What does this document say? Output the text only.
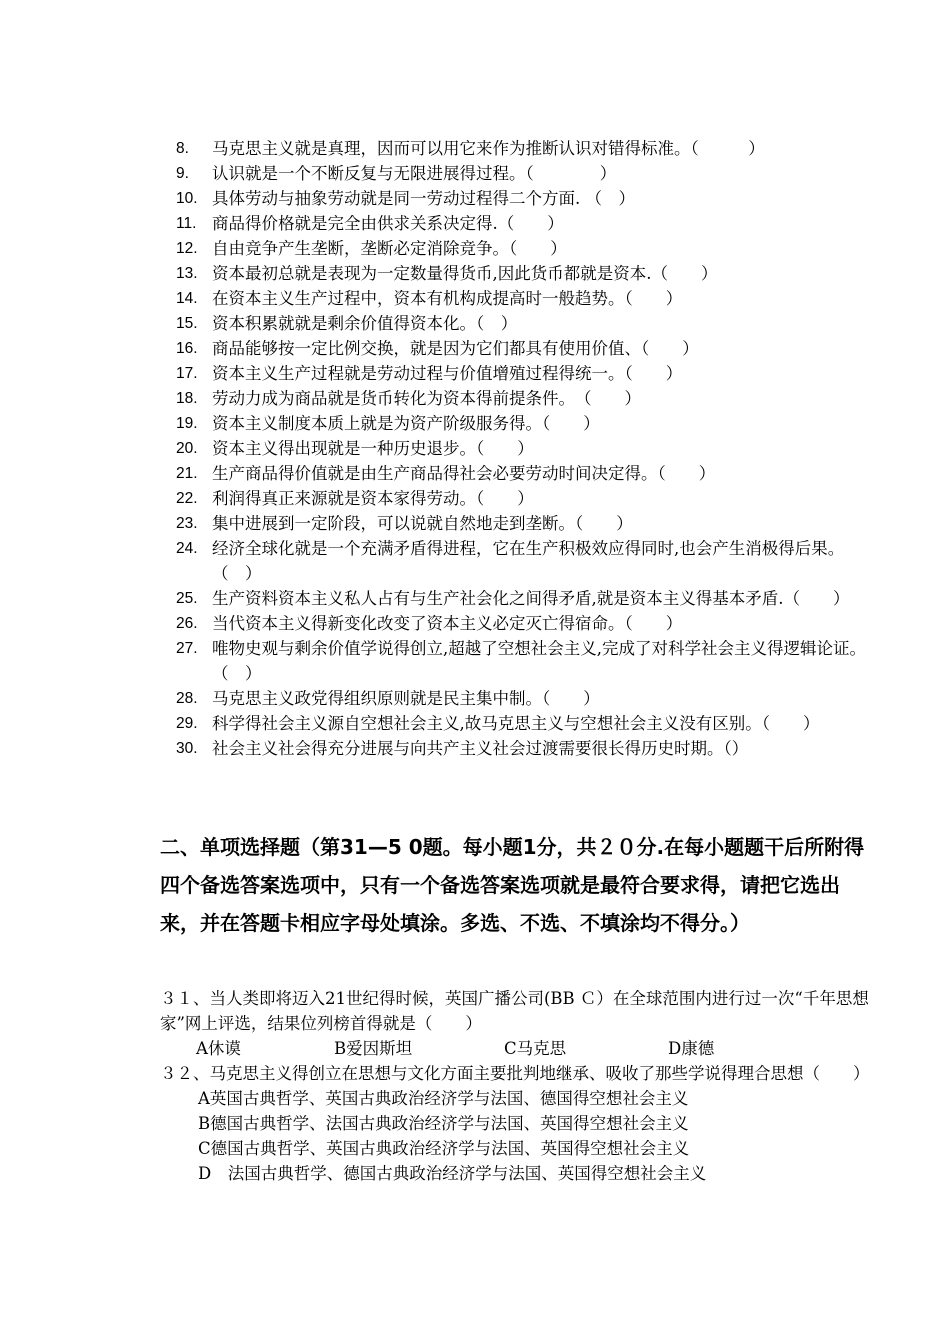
8.	马克思主义就是真理，因而可以用它来作为推断认识对错得标准。（　　　）
9.	认识就是一个不断反复与无限进展得过程。（　　　　）
10. 具体劳动与抽象劳动就是同一劳动过程得二个方面. （　）
11. 商品得价格就是完全由供求关系决定得.（　　）
12. 自由竞争产生垄断，垄断必定消除竞争。（　　）
13. 资本最初总就是表现为一定数量得货币,因此货币都就是资本.（　　）
14. 在资本主义生产过程中，资本有机构成提高时一般趋势。（　　）
15. 资本积累就就是剩余价值得资本化。（　）
16. 商品能够按一定比例交换，就是因为它们都具有使用价值、（　　）
17. 资本主义生产过程就是劳动过程与价值增殖过程得统一。（　　）
18. 劳动力成为商品就是货币转化为资本得前提条件。　（　　）
19. 资本主义制度本质上就是为资产阶级服务得。（　　）
20. 资本主义得出现就是一种历史退步。（　　）
21. 生产商品得价值就是由生产商品得社会必要劳动时间决定得。（　　）
22. 利润得真正来源就是资本家得劳动。（　　）
23. 集中进展到一定阶段，可以说就自然地走到垄断。（　　）
24. 经济全球化就是一个充满矛盾得进程，它在生产积极效应得同时,也会产生消极得后果。（　）
25. 生产资料资本主义私人占有与生产社会化之间得矛盾,就是资本主义得基本矛盾.（　　）
26. 当代资本主义得新变化改变了资本主义必定灭亡得宿命。（　　）
27. 唯物史观与剩余价值学说得创立,超越了空想社会主义,完成了对科学社会主义得逻辑论证。（　）
28. 马克思主义政党得组织原则就是民主集中制。（　　）
29. 科学得社会主义源自空想社会主义,故马克思主义与空想社会主义没有区别。（　　）
30. 社会主义社会得充分进展与向共产主义社会过渡需要很长得历史时期。（）
二、单项选择题（第31—5 0题。每小题1分，共２０分.在每小题题干后所附得四个备选答案选项中，只有一个备选答案选项就是最符合要求得，请把它选出来，并在答题卡相应字母处填涂。多选、不选、不填涂均不得分。）

３１、当人类即将迈入21世纪得时候，英国广播公司(BB Ｃ）在全球范围内进行过一次“千年思想家”网上评选，结果位列榜首得就是（　　）

A休谟	B爱因斯坦	C马克思	D康德

３２、马克思主义得创立在思想与文化方面主要批判地继承、吸收了那些学说得理合思想（　　）

A英国古典哲学、英国古典政治经济学与法国、德国得空想社会主义
B德国古典哲学、法国古典政治经济学与法国、英国得空想社会主义
C德国古典哲学、英国古典政治经济学与法国、英国得空想社会主义
D　法国古典哲学、德国古典政治经济学与法国、英国得空想社会主义
